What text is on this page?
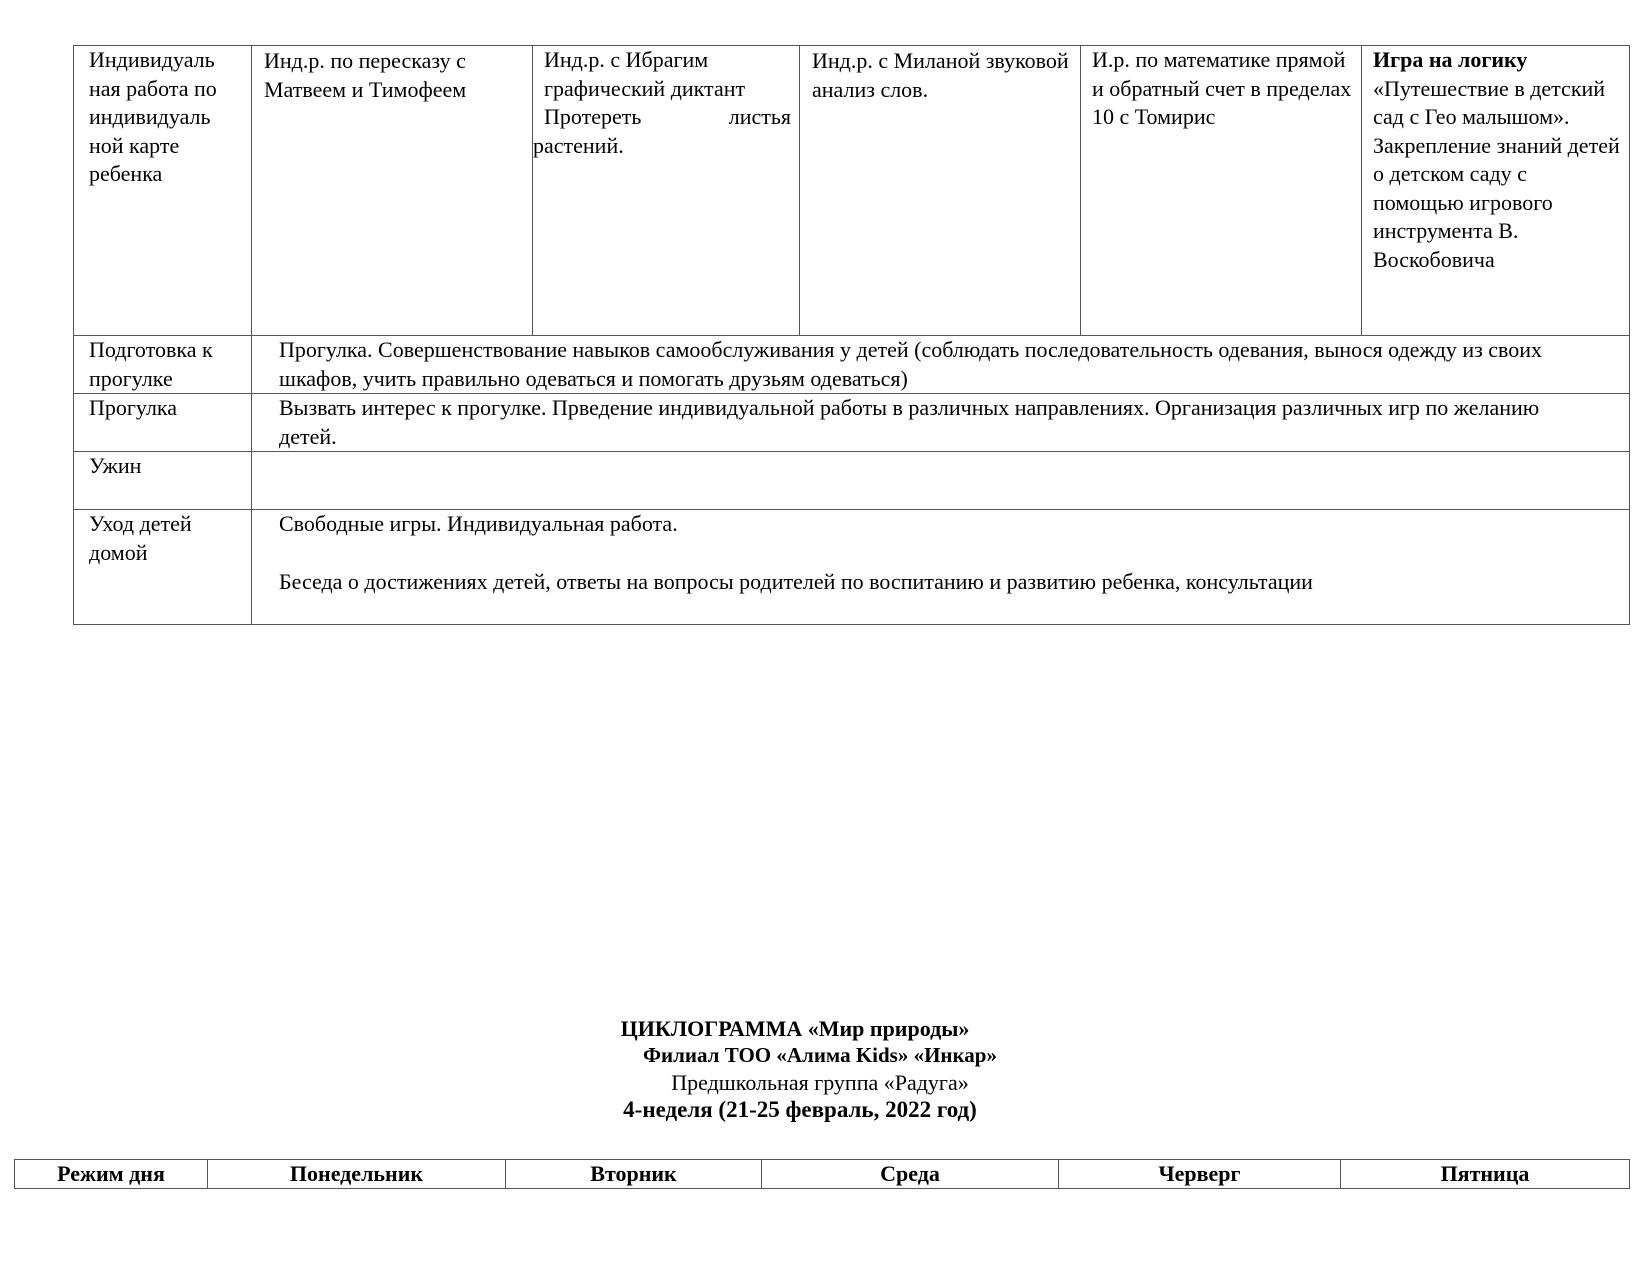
Индивидуаль
ная работа по
индивидуаль
ной карте
ребенка	Инд.р. по пересказу с Матвеем и Тимофеем	Инд.р. с Ибрагим
графический диктант

Протереть листья
растений.	Инд.р. с Миланой звуковой анализ слов.	И.р. по математике прямой и обратный счет в пределах 10 с Томирис	Игра на логику
«Путешествие в детский сад с Гео малышом». Закрепление знаний детей о детском саду с помощью игрового инструмента В. Воскобовича
Подготовка к прогулке	Прогулка. Совершенствование навыков самообслуживания у детей (соблюдать последовательность одевания, вынося одежду из своих шкафов, учить правильно одеваться и помогать друзьям одеваться)				
Прогулка	Вызвать интерес к прогулке. Прведение индивидуальной работы в различных направлениях. Организация различных игр по желанию детей.				
Ужин					
Уход детей домой	Свободные игры. Индивидуальная работа.
Беседа о достижениях детей, ответы на вопросы родителей по воспитанию и развитию ребенка, консультации				
ЦИКЛОГРАММА «Мир природы»
Филиал ТОО «Алима Kids» «Инкар»
Предшкольная группа «Радуга»
4-неделя (21-25 февраль, 2022 год)
Режим дня	Понедельник	Вторник	Среда	Черверг	Пятница
